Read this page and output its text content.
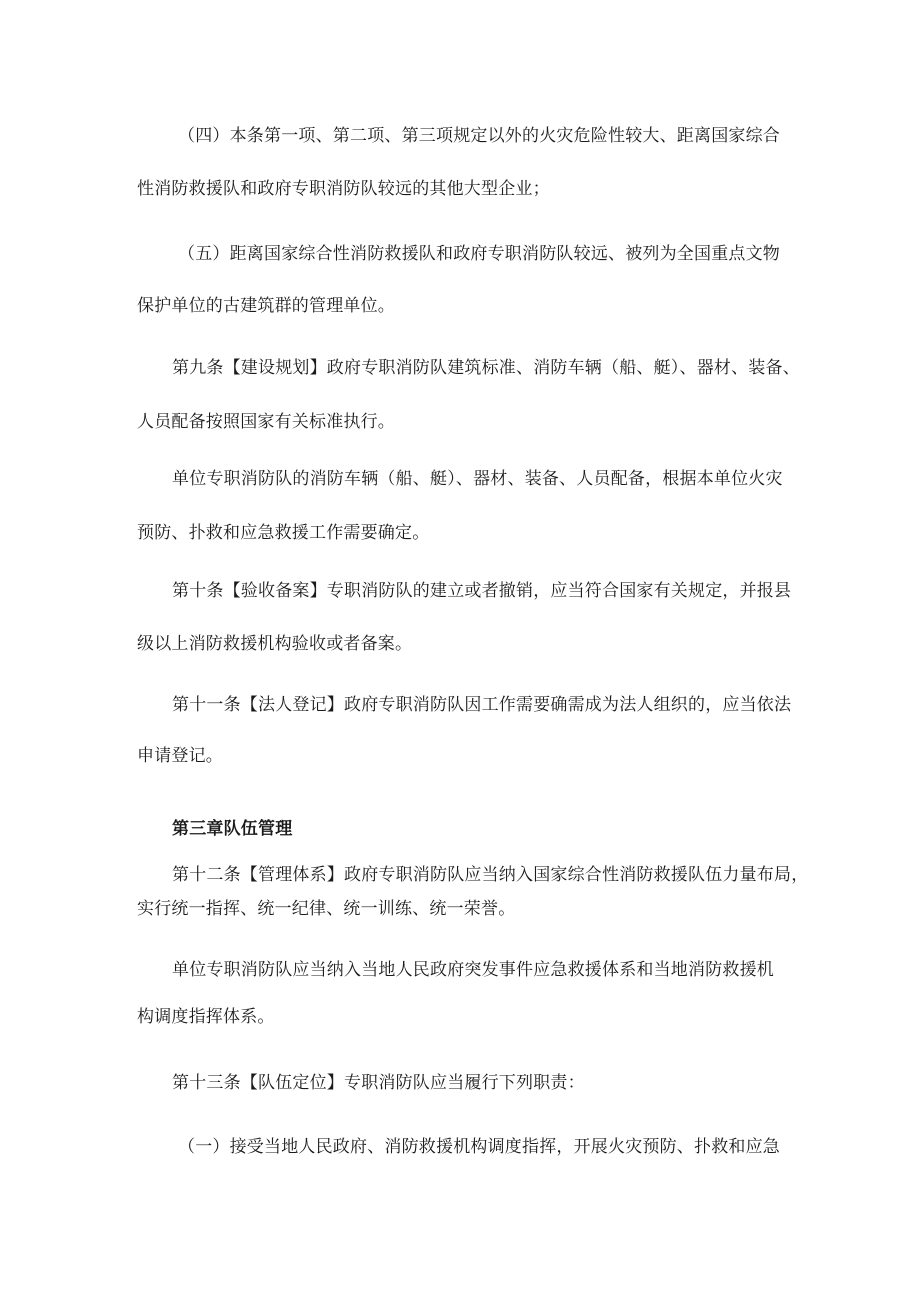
（四）本条第一项、第二项、第三项规定以外的火灾危险性较大、距离国家综合

性消防救援队和政府专职消防队较远的其他大型企业；

（五）距离国家综合性消防救援队和政府专职消防队较远、被列为全国重点文物

保护单位的古建筑群的管理单位。

第九条【建设规划】政府专职消防队建筑标准、消防车辆（船、艇）、器材、装备、

人员配备按照国家有关标准执行。

单位专职消防队的消防车辆（船、艇）、器材、装备、人员配备，根据本单位火灾

预防、扑救和应急救援工作需要确定。

第十条【验收备案】专职消防队的建立或者撤销，应当符合国家有关规定，并报县

级以上消防救援机构验收或者备案。

第十一条【法人登记】政府专职消防队因工作需要确需成为法人组织的，应当依法

申请登记。

第三章队伍管理

第十二条【管理体系】政府专职消防队应当纳入国家综合性消防救援队伍力量布局，

实行统一指挥、统一纪律、统一训练、统一荣誉。

单位专职消防队应当纳入当地人民政府突发事件应急救援体系和当地消防救援机

构调度指挥体系。

第十三条【队伍定位】专职消防队应当履行下列职责：

（一）接受当地人民政府、消防救援机构调度指挥，开展火灾预防、扑救和应急
